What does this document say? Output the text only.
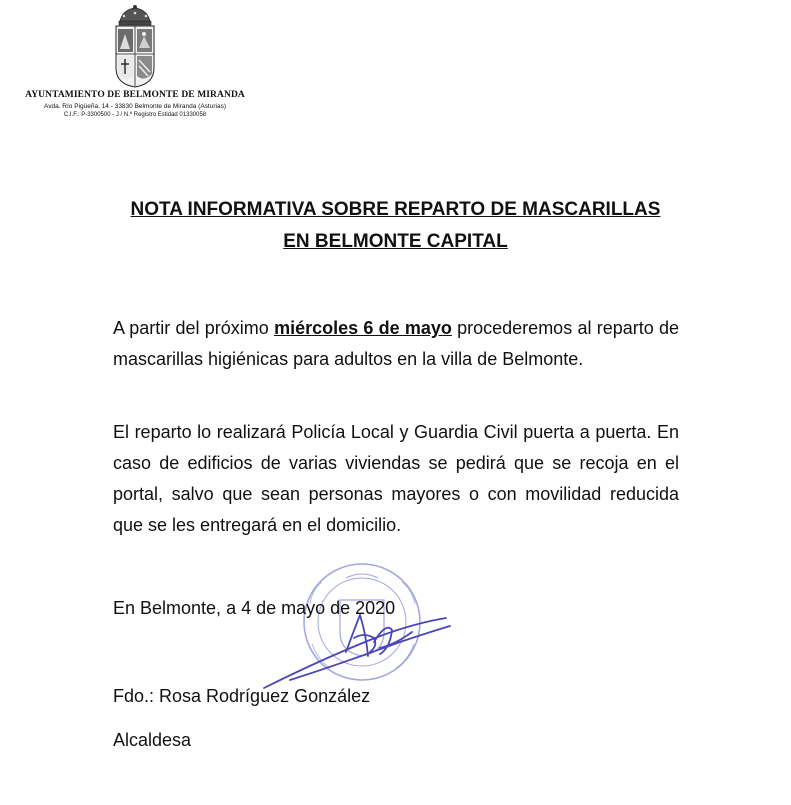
AYUNTAMIENTO DE BELMONTE DE MIRANDA
Avda. Río Pigüeña, 14 - 33830 Belmonte de Miranda (Asturias)
C.I.F.: P-3300500 - J / N.º Registro Estidad 01330058
NOTA INFORMATIVA SOBRE REPARTO DE MASCARILLAS
EN BELMONTE CAPITAL
A partir del próximo miércoles 6 de mayo procederemos al reparto de mascarillas higiénicas para adultos en la villa de Belmonte.
El reparto lo realizará Policía Local y Guardia Civil puerta a puerta. En caso de edificios de varias viviendas se pedirá que se recoja en el portal, salvo que sean personas mayores o con movilidad reducida que se les entregará en el domicilio.
En Belmonte, a 4 de mayo de 2020
Fdo.: Rosa Rodríguez González
Alcaldesa
